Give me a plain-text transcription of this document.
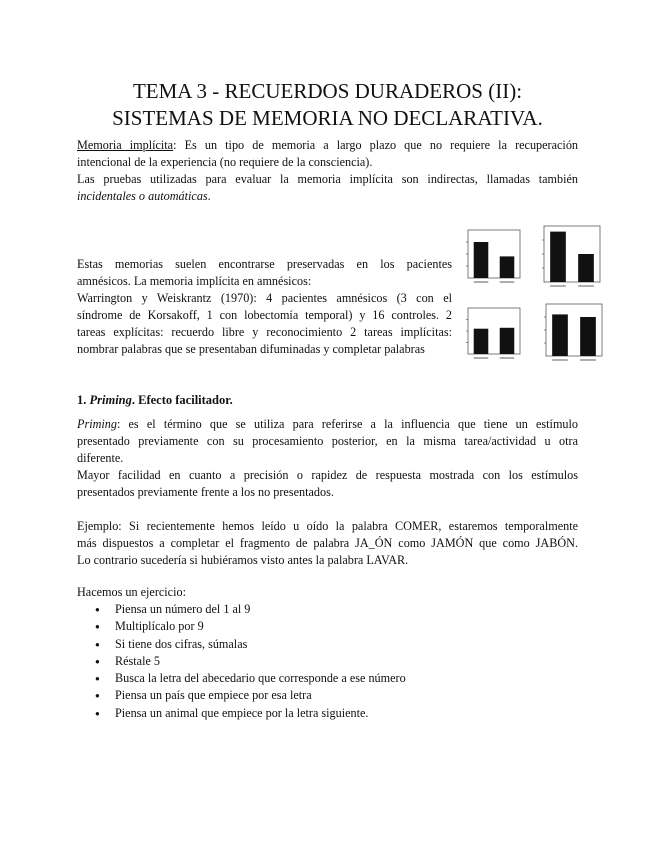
TEMA 3 - RECUERDOS DURADEROS (II):
SISTEMAS DE MEMORIA NO DECLARATIVA.
Memoria implícita: Es un tipo de memoria a largo plazo que no requiere la recuperación
intencional de la experiencia (no requiere de la consciencia).
Las pruebas utilizadas para evaluar la memoria implícita son indirectas, llamadas también
incidentales o automáticas.
Estas memorias suelen encontrarse preservadas en los pacientes
amnésicos. La memoria implícita en amnésicos:
Warrington y Weiskrantz (1970): 4 pacientes amnésicos (3 con el
síndrome de Korsakoff, 1 con lobectomía temporal) y 16 controles. 2
tareas explícitas: recuerdo libre y reconocimiento 2 tareas implícitas:
nombrar palabras que se presentaban difuminadas y completar palabras
1. Priming. Efecto facilitador.
Priming: es el término que se utiliza para referirse a la influencia que tiene un estímulo
presentado previamente con su procesamiento posterior, en la misma tarea/actividad u otra
diferente.
Mayor facilidad en cuanto a precisión o rapidez de respuesta mostrada con los estímulos
presentados previamente frente a los no presentados.
Ejemplo: Si recientemente hemos leído u oído la palabra COMER, estaremos temporalmente
más dispuestos a completar el fragmento de palabra JA_ÓN como JAMÓN que como JABÓN.
Lo contrario sucedería si hubiéramos visto antes la palabra LAVAR.
Hacemos un ejercicio:
● Piensa un número del 1 al 9
● Multiplícalo por 9
● Si tiene dos cifras, súmalas
● Réstale 5
● Busca la letra del abecedario que corresponde a ese número
● Piensa un país que empiece por esa letra
● Piensa un animal que empiece por la letra siguiente.
